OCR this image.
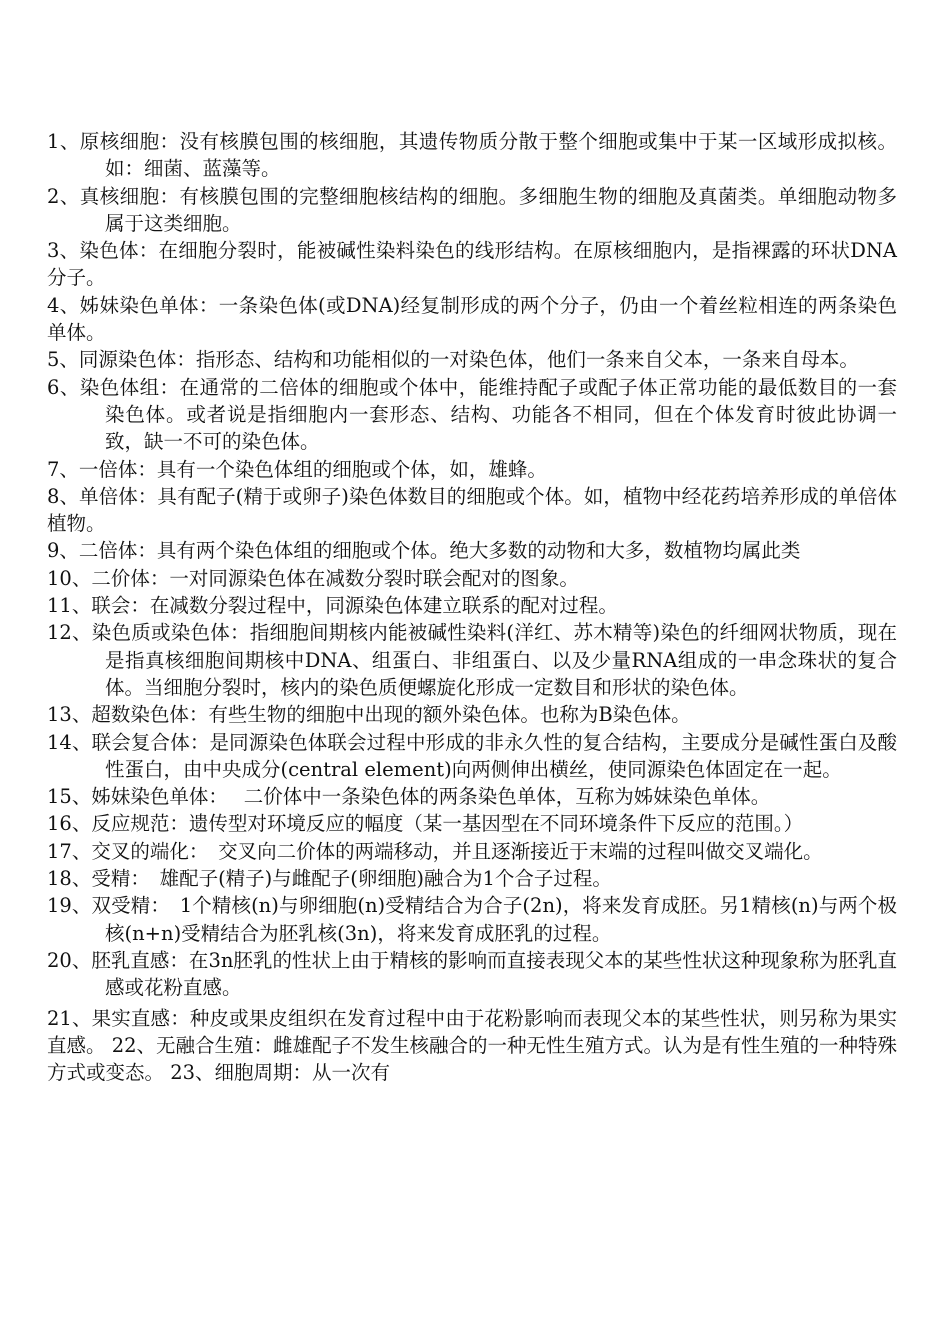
1、原核细胞：没有核膜包围的核细胞，其遗传物质分散于整个细胞或集中于某一区域形成拟核。如：细菌、蓝藻等。

2、真核细胞：有核膜包围的完整细胞核结构的细胞。多细胞生物的细胞及真菌类。单细胞动物多属于这类细胞。

3、染色体：在细胞分裂时，能被碱性染料染色的线形结构。在原核细胞内，是指裸露的环状DNA分子。

4、姊妹染色单体：一条染色体(或DNA)经复制形成的两个分子，仍由一个着丝粒相连的两条染色单体。

5、同源染色体：指形态、结构和功能相似的一对染色体，他们一条来自父本，一条来自母本。

6、染色体组：在通常的二倍体的细胞或个体中，能维持配子或配子体正常功能的最低数目的一套染色体。或者说是指细胞内一套形态、结构、功能各不相同，但在个体发育时彼此协调一致，缺一不可的染色体。

7、一倍体：具有一个染色体组的细胞或个体，如，雄蜂。

8、单倍体：具有配子(精于或卵子)染色体数目的细胞或个体。如，植物中经花药培养形成的单倍体植物。

9、二倍体：具有两个染色体组的细胞或个体。绝大多数的动物和大多，数植物均属此类

10、二价体：一对同源染色体在减数分裂时联会配对的图象。

11、联会：在减数分裂过程中，同源染色体建立联系的配对过程。

12、染色质或染色体：指细胞间期核内能被碱性染料(洋红、苏木精等)染色的纤细网状物质，现在是指真核细胞间期核中DNA、组蛋白、非组蛋白、以及少量RNA组成的一串念珠状的复合体。当细胞分裂时，核内的染色质便螺旋化形成一定数目和形状的染色体。

13、超数染色体：有些生物的细胞中出现的额外染色体。也称为B染色体。

14、联会复合体：是同源染色体联会过程中形成的非永久性的复合结构，主要成分是碱性蛋白及酸性蛋白，由中央成分(central element)向两侧伸出横丝，使同源染色体固定在一起。

15、姊妹染色单体：　 二价体中一条染色体的两条染色单体，互称为姊妹染色单体。

16、反应规范：遗传型对环境反应的幅度（某一基因型在不同环境条件下反应的范围。）

17、交叉的端化：　交叉向二价体的两端移动，并且逐渐接近于末端的过程叫做交叉端化。

18、受精：　雄配子(精子)与雌配子(卵细胞)融合为1个合子过程。

19、双受精：　1个精核(n)与卵细胞(n)受精结合为合子(2n)，将来发育成胚。另1精核(n)与两个极核(n+n)受精结合为胚乳核(3n)，将来发育成胚乳的过程。

20、胚乳直感：在3n胚乳的性状上由于精核的影响而直接表现父本的某些性状这种现象称为胚乳直感或花粉直感。

21、果实直感：种皮或果皮组织在发育过程中由于花粉影响而表现父本的某些性状，则另称为果实直感。 22、无融合生殖：雌雄配子不发生核融合的一种无性生殖方式。认为是有性生殖的一种特殊方式或变态。 23、细胞周期：从一次有
